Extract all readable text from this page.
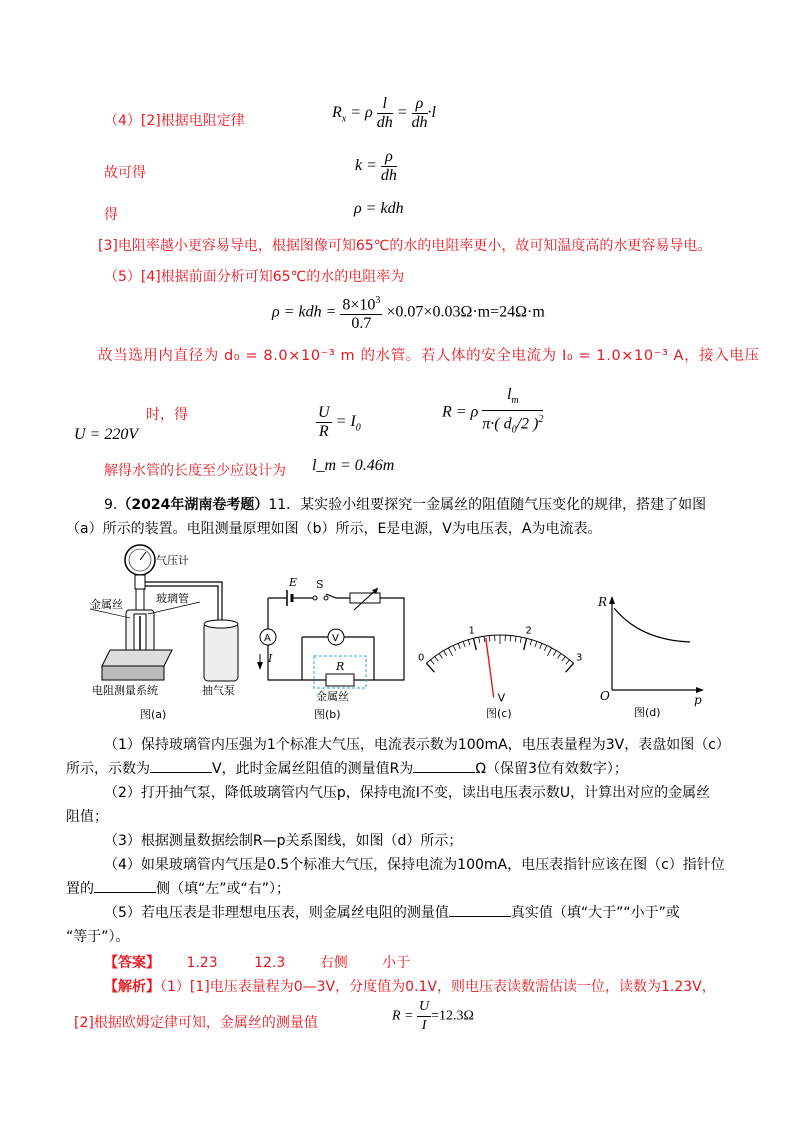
（4）[2]根据电阻定律	$R_x = \rho \frac{l}{dh} = \frac{\rho}{dh} \cdot l$
故可得	$k = \frac{\rho}{dh}$
得	ρ = kdh
[3]电阻率越小更容易导电，根据图像可知65℃的水的电阻率更小，故可知温度高的水更容易导电。
（5）[4]根据前面分析可知65℃的水的电阻率为
ρ = kdh = $\frac{8\times 10^3}{0.7} \times 0.07\times 0.03\Omega\cdot m=24\Omega\cdot m$
故当选用内直径为 d₀ = 8.0×10⁻³ m 的水管。若人体的安全电流为 I₀ = 1.0×10⁻³ A，接入电压
R = ρ $\frac{l_m}{\pi\cdot( d_0/2 )^2}$
时，得	$\frac{U}{R} = I_0$
U = 220V
解得水管的长度至少应设计为 l_m = 0.46m
9.（2024年湖南卷考题）11．某实验小组要探究一金属丝的阻值随气压变化的规律，搭建了如图
（a）所示的装置。电阻测量原理如图（b）所示，E是电源，V为电压表，A为电流表。
气压计
金属丝	玻璃管
电阻测量系统	抽气泵
图(a)
E S
A	V
R
I
金属丝
图(b)
0
1	2
3
V
图(c)
R
p
O
图(d)
（1）保持玻璃管内压强为1个标准大气压，电流表示数为100mA，电压表量程为3V，表盘如图（c）
所示，示数为	V，此时金属丝阻值的测量值R为	Ω（保留3位有效数字）；
（2）打开抽气泵，降低玻璃管内气压p，保持电流I不变，读出电压表示数U，计算出对应的金属丝
阻值；
（3）根据测量数据绘制R—p关系图线，如图（d）所示；
（4）如果玻璃管内气压是0.5个标准大气压，保持电流为100mA，电压表指针应该在图（c）指针位
置的	侧（填“左”或“右”）；
（5）若电压表是非理想电压表，则金属丝电阻的测量值	真实值（填“大于”“小于”或
“等于”）。
【答案】 1.23	12.3 右侧 小于
【解析】（1）[1]电压表量程为0—3V，分度值为0.1V，则电压表读数需估读一位，读数为1.23V，
[2]根据欧姆定律可知，金属丝的测量值	$R = \frac{U}{I} =12.3\Omega$
